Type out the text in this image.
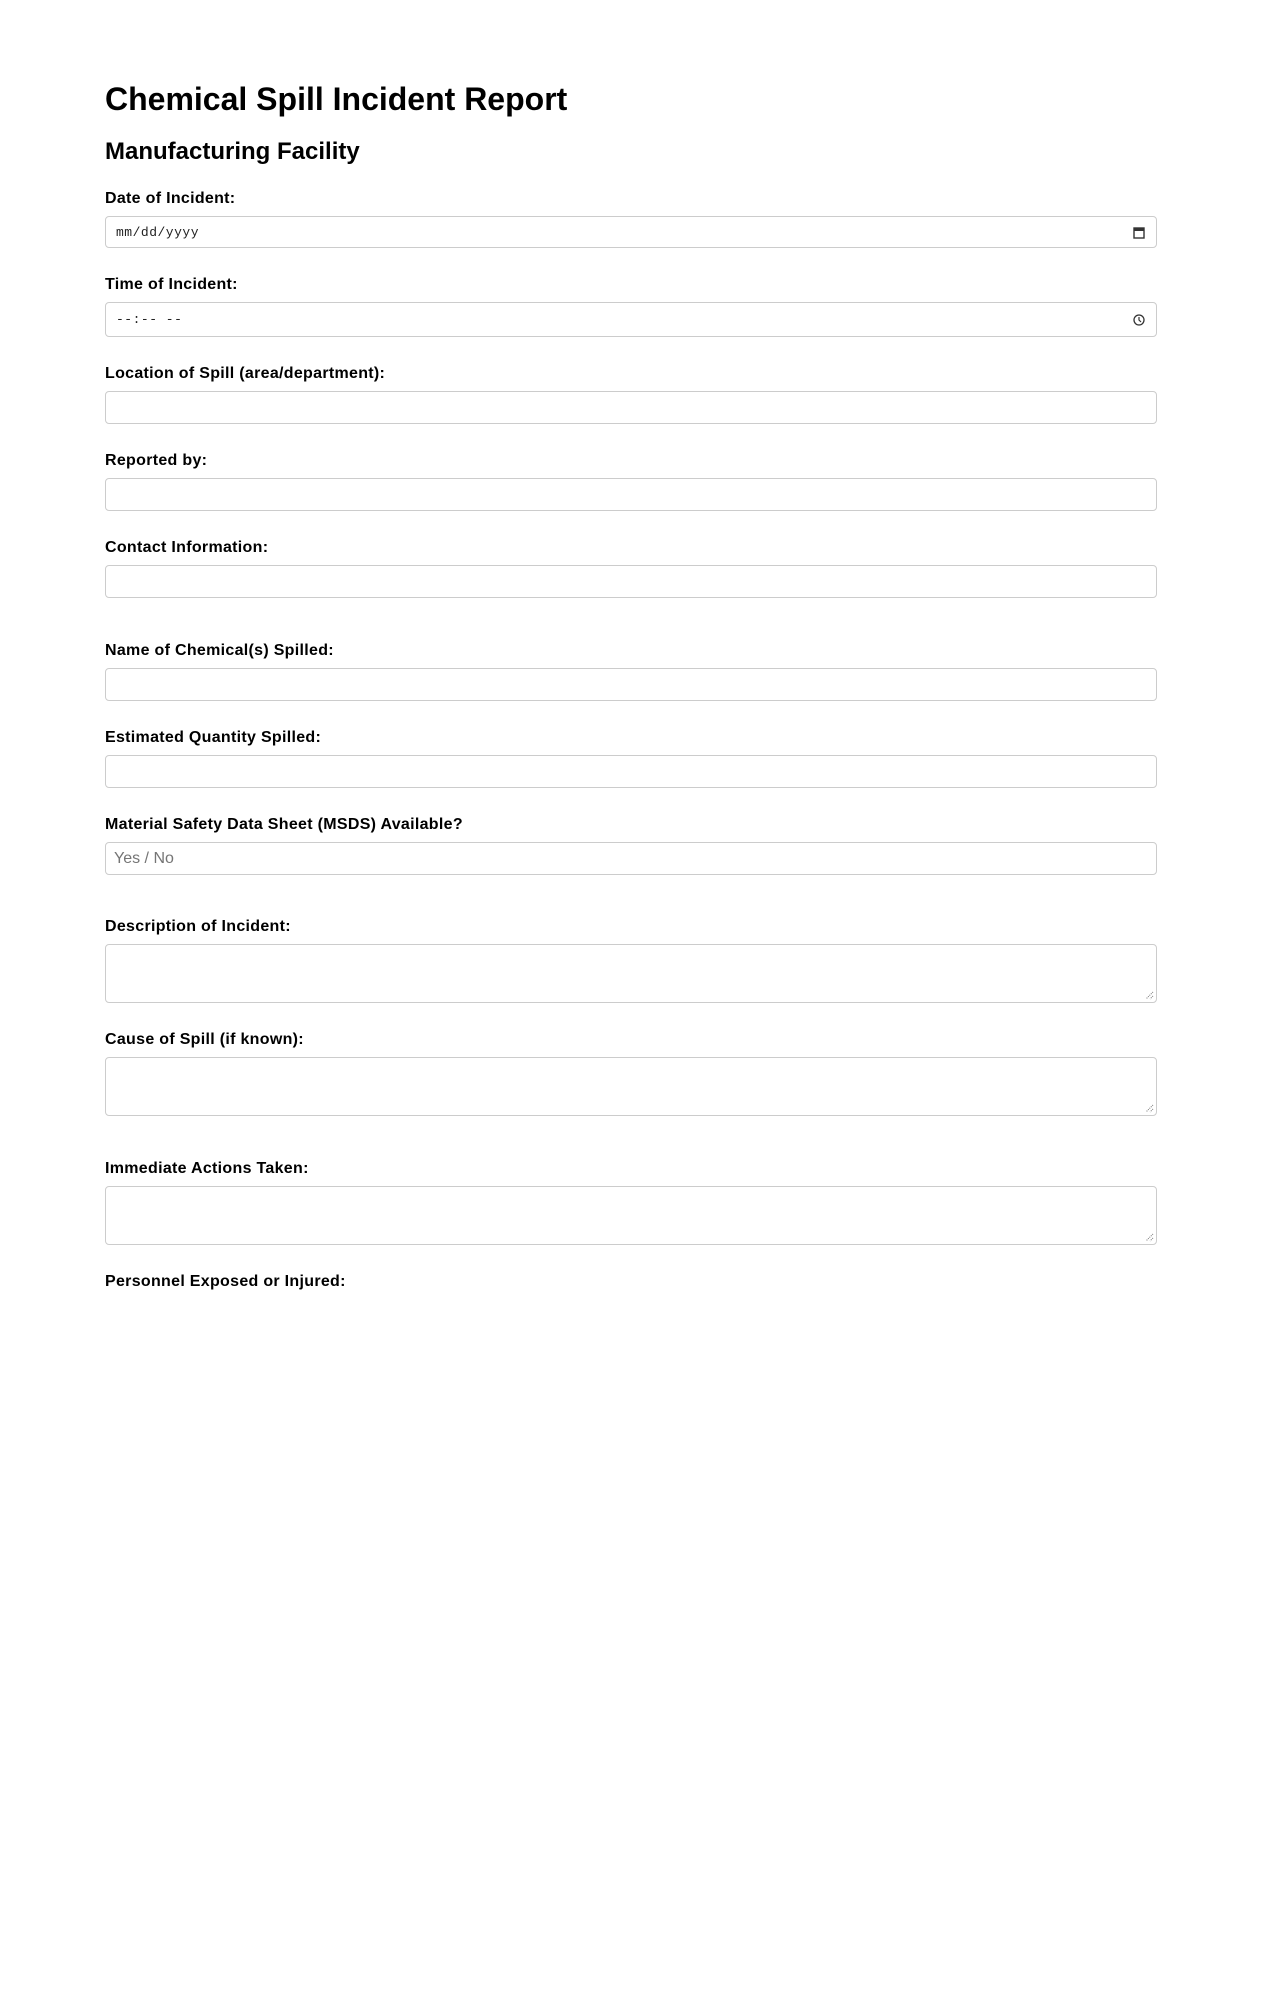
Chemical Spill Incident Report
Manufacturing Facility
Date of Incident:
mm/dd/yyyy
Time of Incident:
--:-- --
Location of Spill (area/department):
Reported by:
Contact Information:
Name of Chemical(s) Spilled:
Estimated Quantity Spilled:
Material Safety Data Sheet (MSDS) Available?
Yes / No
Description of Incident:
Cause of Spill (if known):
Immediate Actions Taken:
Personnel Exposed or Injured:
